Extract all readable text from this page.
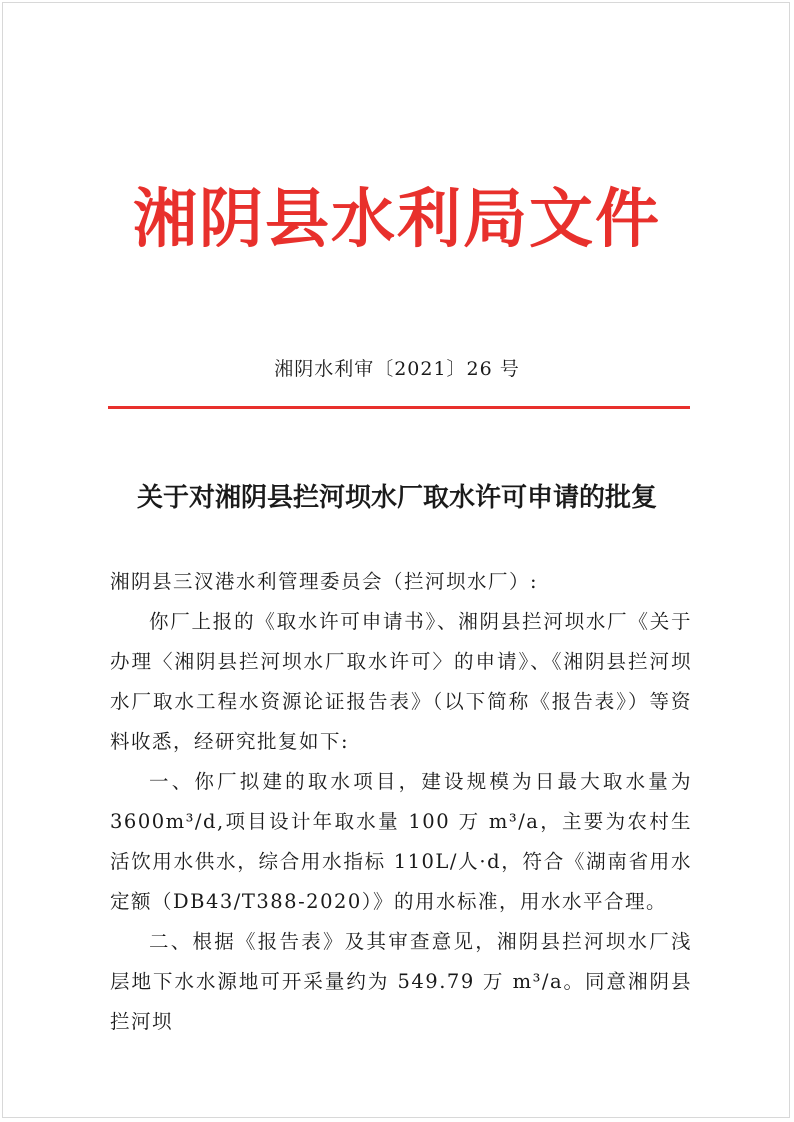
湘阴县水利局文件
湘阴水利审〔2021〕26 号
关于对湘阴县拦河坝水厂取水许可申请的批复

湘阴县三汊港水利管理委员会（拦河坝水厂）:

你厂上报的《取水许可申请书》、湘阴县拦河坝水厂《关于办理〈湘阴县拦河坝水厂取水许可〉的申请》、《湘阴县拦河坝水厂取水工程水资源论证报告表》（以下简称《报告表》）等资料收悉，经研究批复如下:

一、你厂拟建的取水项目，建设规模为日最大取水量为3600m³/d,项目设计年取水量 100 万 m³/a，主要为农村生活饮用水供水，综合用水指标 110L/人·d，符合《湖南省用水定额（DB43/T388-2020）》的用水标准，用水水平合理。

二、根据《报告表》及其审查意见，湘阴县拦河坝水厂浅层地下水水源地可开采量约为 549.79 万 m³/a。同意湘阴县拦河坝
